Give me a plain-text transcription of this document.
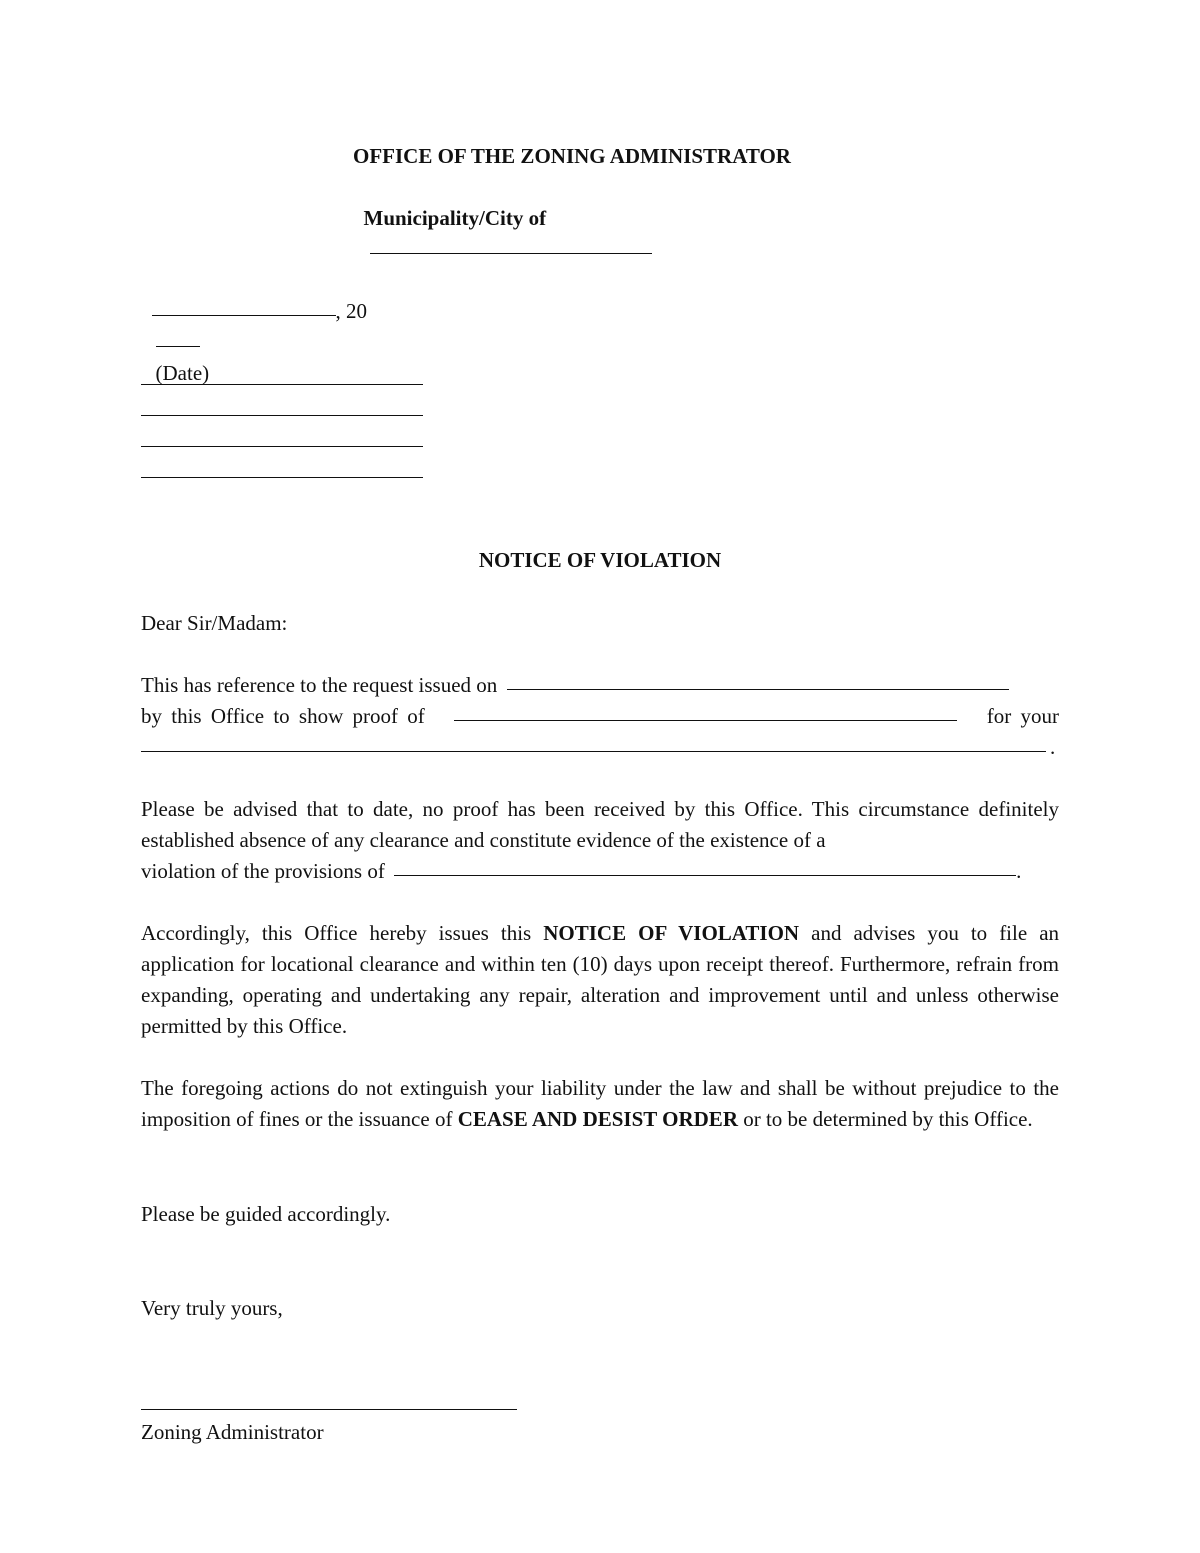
OFFICE OF THE ZONING ADMINISTRATOR

Municipality/City of

, 20

(Date)

NOTICE OF VIOLATION
Dear Sir/Madam:
This has reference to the request issued on
by this Office to show proof of	for your
.
Please be advised that to date, no proof has been received by this Office. This circumstance definitely established absence of any clearance and constitute evidence of the existence of a
violation of the provisions of	.
Accordingly, this Office hereby issues this NOTICE OF VIOLATION and advises you to file an application for locational clearance and within ten (10) days upon receipt thereof. Furthermore, refrain from expanding, operating and undertaking any repair, alteration and improvement until and unless otherwise permitted by this Office.
The foregoing actions do not extinguish your liability under the law and shall be without prejudice to the imposition of fines or the issuance of CEASE AND DESIST ORDER or to be determined by this Office.
Please be guided accordingly.
Very truly yours,
Zoning Administrator
